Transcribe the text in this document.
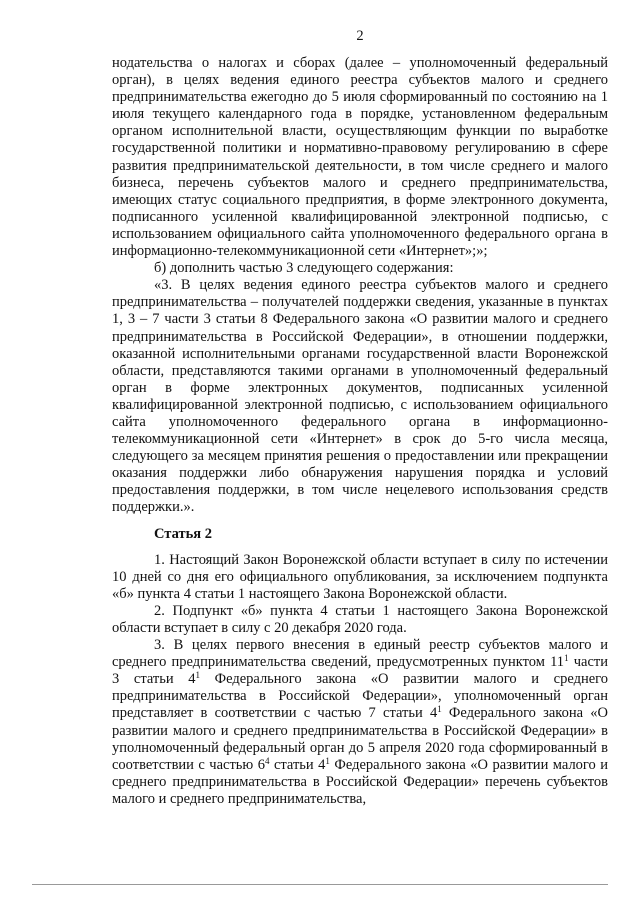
2

нодательства о налогах и сборах (далее – уполномоченный федеральный орган), в целях ведения единого реестра субъектов малого и среднего предпринимательства ежегодно до 5 июля сформированный по состоянию на 1 июля текущего календарного года в порядке, установленном федеральным органом исполнительной власти, осуществляющим функции по выработке государственной политики и нормативно-правовому регулированию в сфере развития предпринимательской деятельности, в том числе среднего и малого бизнеса, перечень субъектов малого и среднего предпринимательства, имеющих статус социального предприятия, в форме электронного документа, подписанного усиленной квалифицированной электронной подписью, с использованием официального сайта уполномоченного федерального органа в информационно-телекоммуникационной сети «Интернет»;»;

б) дополнить частью 3 следующего содержания:

«3. В целях ведения единого реестра субъектов малого и среднего предпринимательства – получателей поддержки сведения, указанные в пунктах 1, 3 – 7 части 3 статьи 8 Федерального закона «О развитии малого и среднего предпринимательства в Российской Федерации», в отношении поддержки, оказанной исполнительными органами государственной власти Воронежской области, представляются такими органами в уполномоченный федеральный орган в форме электронных документов, подписанных усиленной квалифицированной электронной подписью, с использованием официального сайта уполномоченного федерального органа в информационно-телекоммуникационной сети «Интернет» в срок до 5-го числа месяца, следующего за месяцем принятия решения о предоставлении или прекращении оказания поддержки либо обнаружения нарушения порядка и условий предоставления поддержки, в том числе нецелевого использования средств поддержки.».

Статья 2

1. Настоящий Закон Воронежской области вступает в силу по истечении 10 дней со дня его официального опубликования, за исключением подпункта «б» пункта 4 статьи 1 настоящего Закона Воронежской области.

2. Подпункт «б» пункта 4 статьи 1 настоящего Закона Воронежской области вступает в силу с 20 декабря 2020 года.

3. В целях первого внесения в единый реестр субъектов малого и среднего предпринимательства сведений, предусмотренных пунктом $11^1$ части 3 статьи $4^1$ Федерального закона «О развитии малого и среднего предпринимательства в Российской Федерации», уполномоченный орган представляет в соответствии с частью 7 статьи $4^1$ Федерального закона «О развитии малого и среднего предпринимательства в Российской Федерации» в уполномоченный федеральный орган до 5 апреля 2020 года сформированный в соответствии с частью $6^4$ статьи $4^1$ Федерального закона «О развитии малого и среднего предпринимательства в Российской Федерации» перечень субъектов малого и среднего предпринимательства,
